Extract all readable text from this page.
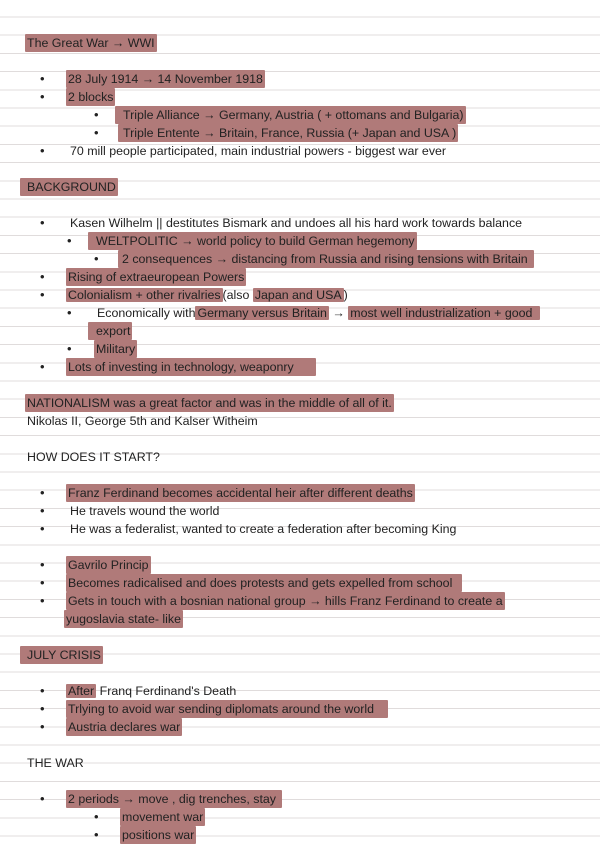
The Great War → WWI
• 28 July 1914 → 14 November 1918
• 2 blocks
•	Triple Alliance → Germany, Austria ( + ottomans and Bulgaria)
•	Triple Entente → Britain, France, Russia (+ Japan and USA )
• 70 mill people participated, main industrial powers - biggest war ever
BACKGROUND
• Kasen Wilhelm || destitutes Bismark and undoes all his hard work towards balance
•	WELTPOLITIC → world policy to build German hegemony
•	2 consequences → distancing from Russia and rising tensions with Britain
• Rising of extraeuropean Powers
• Colonialism + other rivalries (also Japan and USA )
• Economically with Germany versus Britain → most well industrialization + good
export
• Military
• Lots of investing in technology, weaponry
NATIONALISM was a great factor and was in the middle of all of it.
Nikolas II, George 5th and Kalser Witheim
HOW DOES IT START?
• Franz Ferdinand becomes accidental heir after different deaths
• He travels wound the world
• He was a federalist, wanted to create a federation after becoming King
• Gavrilo Princip
• Becomes radicalised and does protests and gets expelled from school
• Gets in touch with a bosnian national group → hills Franz Ferdinand to create a
yugoslavia state- like
JULY CRISIS
• After Franq Ferdinand's Death
• Trlying to avoid war sending diplomats around the world
• Austria declares war
THE WAR
• 2 periods → move , dig trenches, stay
• movement war
• positions war
